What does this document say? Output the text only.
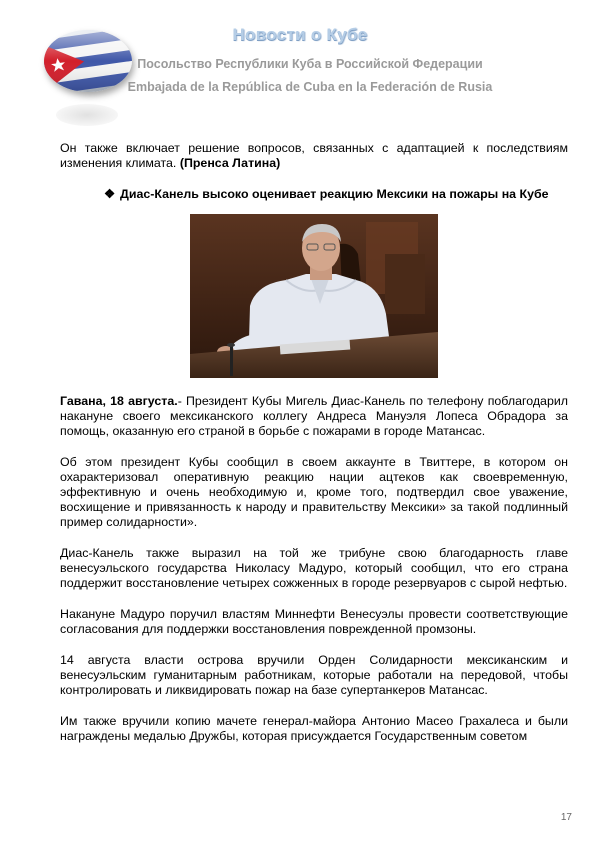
Новости о Кубе
Посольство Республики Куба в Российской Федерации
Embajada de la República de Cuba en la Federación de Rusia

Он также включает решение вопросов, связанных с адаптацией к последствиям изменения климата. (Пренса Латина)

❖ Диас-Канель высоко оценивает реакцию Мексики на пожары на Кубе

Гавана, 18 августа.- Президент Кубы Мигель Диас-Канель по телефону поблагодарил накануне своего мексиканского коллегу Андреса Мануэля Лопеса Обрадора за помощь, оказанную его страной в борьбе с пожарами в городе Матансас.

Об этом президент Кубы сообщил в своем аккаунте в Твиттере, в котором он охарактеризовал оперативную реакцию нации ацтеков как своевременную, эффективную и очень необходимую и, кроме того, подтвердил свое уважение, восхищение и привязанность к народу и правительству Мексики» за такой подлинный пример солидарности».

Диас-Канель также выразил на той же трибуне свою благодарность главе венесуэльского государства Николасу Мадуро, который сообщил, что его страна поддержит восстановление четырех сожженных в городе резервуаров с сырой нефтью.

Накануне Мадуро поручил властям Миннефти Венесуэлы провести соответствующие согласования для поддержки восстановления поврежденной промзоны.

14 августа власти острова вручили Орден Солидарности мексиканским и венесуэльским гуманитарным работникам, которые работали на передовой, чтобы контролировать и ликвидировать пожар на базе супертанкеров Матансас.

Им также вручили копию мачете генерал-майора Антонио Масео Грахалеса и были награждены медалью Дружбы, которая присуждается Государственным советом

17
